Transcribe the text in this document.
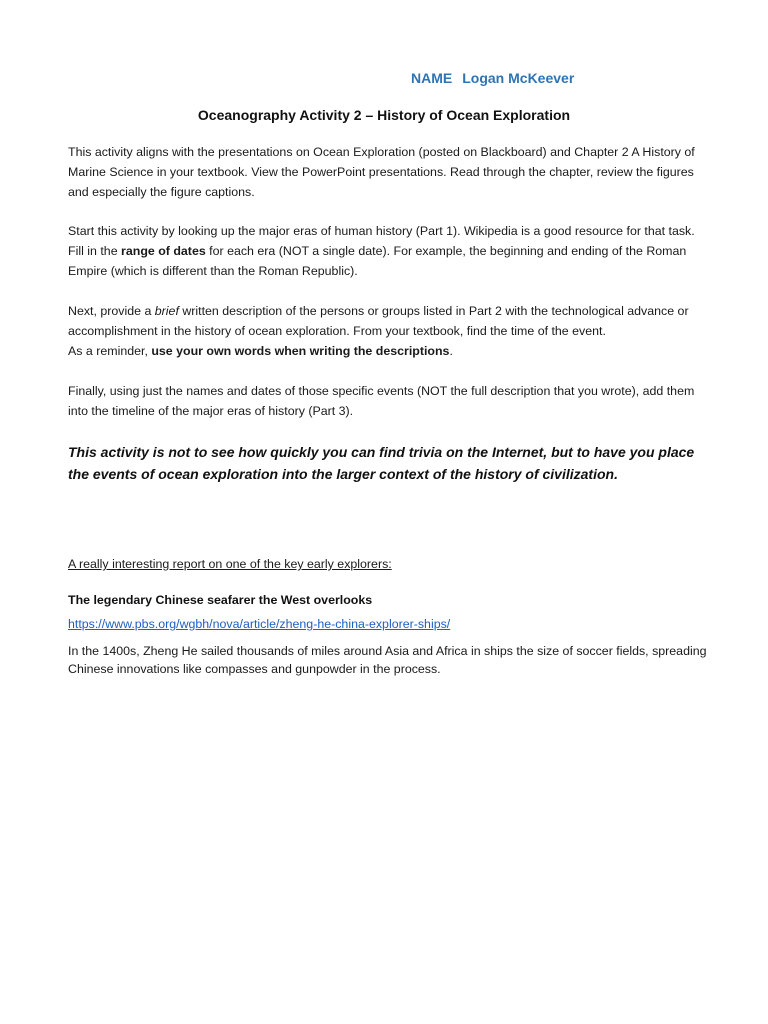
NAME Logan McKeever
Oceanography Activity 2 – History of Ocean Exploration
This activity aligns with the presentations on Ocean Exploration (posted on Blackboard) and Chapter 2 A History of Marine Science in your textbook. View the PowerPoint presentations. Read through the chapter, review the figures and especially the figure captions.
Start this activity by looking up the major eras of human history (Part 1). Wikipedia is a good resource for that task. Fill in the range of dates for each era (NOT a single date). For example, the beginning and ending of the Roman Empire (which is different than the Roman Republic).
Next, provide a brief written description of the persons or groups listed in Part 2 with the technological advance or accomplishment in the history of ocean exploration. From your textbook, find the time of the event.
As a reminder, use your own words when writing the descriptions.
Finally, using just the names and dates of those specific events (NOT the full description that you wrote), add them into the timeline of the major eras of history (Part 3).
This activity is not to see how quickly you can find trivia on the Internet, but to have you place the events of ocean exploration into the larger context of the history of civilization.
A really interesting report on one of the key early explorers:
The legendary Chinese seafarer the West overlooks
https://www.pbs.org/wgbh/nova/article/zheng-he-china-explorer-ships/
In the 1400s, Zheng He sailed thousands of miles around Asia and Africa in ships the size of soccer fields, spreading Chinese innovations like compasses and gunpowder in the process.
